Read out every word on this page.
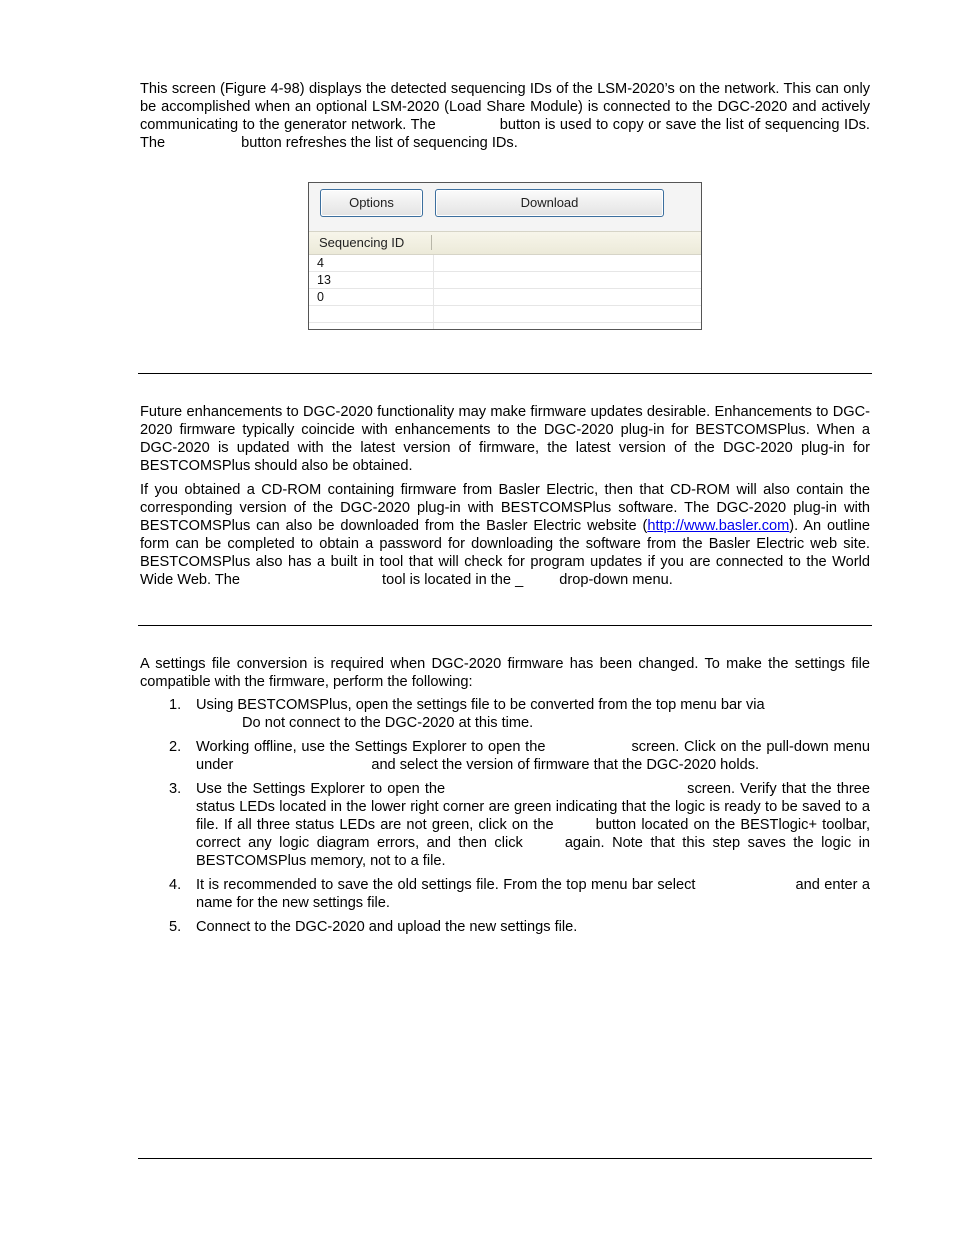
This screen (Figure 4-98) displays the detected sequencing IDs of the LSM-2020’s on the network. This can only be accomplished when an optional LSM-2020 (Load Share Module) is connected to the DGC-2020 and actively communicating to the generator network. The	button is used to copy or save the list of sequencing IDs. The	button refreshes the list of sequencing IDs.

Options	Download
Sequencing ID
4
13
0

Future enhancements to DGC-2020 functionality may make firmware updates desirable. Enhancements to DGC-2020 firmware typically coincide with enhancements to the DGC-2020 plug-in for BESTCOMSPlus. When a DGC-2020 is updated with the latest version of firmware, the latest version of the DGC-2020 plug-in for BESTCOMSPlus should also be obtained.

If you obtained a CD-ROM containing firmware from Basler Electric, then that CD-ROM will also contain the corresponding version of the DGC-2020 plug-in with BESTCOMSPlus software. The DGC-2020 plug-in with BESTCOMSPlus can also be downloaded from the Basler Electric website (http://www.basler.com). An outline form can be completed to obtain a password for downloading the software from the Basler Electric web site. BESTCOMSPlus also has a built in tool that will check for program updates if you are connected to the World Wide Web. The	tool is located in the _ drop-down menu.

A settings file conversion is required when DGC-2020 firmware has been changed. To make the settings file compatible with the firmware, perform the following:

1. Using BESTCOMSPlus, open the settings file to be converted from the top menu bar via
Do not connect to the DGC-2020 at this time.
2. Working offline, use the Settings Explorer to open the	screen. Click on the pull-down menu under	and select the version of firmware that the DGC-2020 holds.
3. Use the Settings Explorer to open the	screen. Verify that the three status LEDs located in the lower right corner are green indicating that the logic is ready to be saved to a file. If all three status LEDs are not green, click on the	button located on the BESTlogic+ toolbar, correct any logic diagram errors, and then click	again. Note that this step saves the logic in BESTCOMSPlus memory, not to a file.
4. It is recommended to save the old settings file. From the top menu bar select	and enter a name for the new settings file.
5. Connect to the DGC-2020 and upload the new settings file.
